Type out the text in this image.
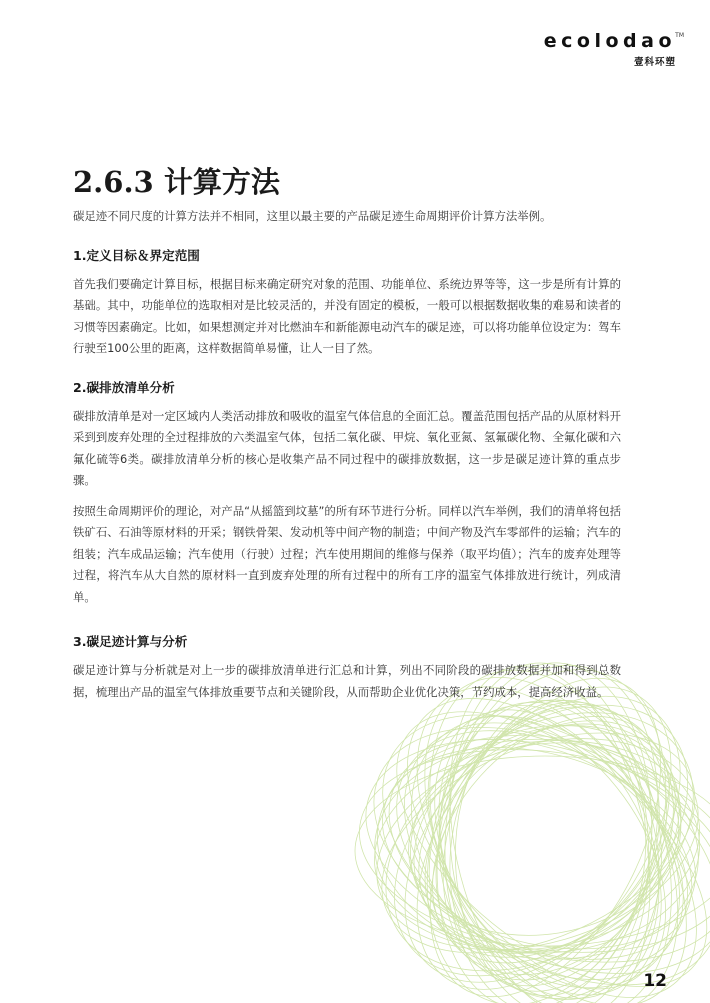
ecolodao TM
壹科环塑
2.6.3 计算方法

碳足迹不同尺度的计算方法并不相同，这里以最主要的产品碳足迹生命周期评价计算方法举例。

1.定义目标＆界定范围

首先我们要确定计算目标，根据目标来确定研究对象的范围、功能单位、系统边界等等，这一步是所有计算的基础。其中，功能单位的选取相对是比较灵活的，并没有固定的模板，一般可以根据数据收集的难易和读者的习惯等因素确定。比如，如果想测定并对比燃油车和新能源电动汽车的碳足迹，可以将功能单位设定为：驾车行驶至100公里的距离，这样数据简单易懂，让人一目了然。

2.碳排放清单分析

碳排放清单是对一定区域内人类活动排放和吸收的温室气体信息的全面汇总。覆盖范围包括产品的从原材料开采到到废弃处理的全过程排放的六类温室气体，包括二氧化碳、甲烷、氧化亚氮、氢氟碳化物、全氟化碳和六氟化硫等6类。碳排放清单分析的核心是收集产品不同过程中的碳排放数据，这一步是碳足迹计算的重点步骤。

按照生命周期评价的理论，对产品“从摇篮到坟墓”的所有环节进行分析。同样以汽车举例，我们的清单将包括铁矿石、石油等原材料的开采；钢铁骨架、发动机等中间产物的制造；中间产物及汽车零部件的运输；汽车的组装；汽车成品运输；汽车使用（行驶）过程；汽车使用期间的维修与保养（取平均值）；汽车的废弃处理等过程，将汽车从大自然的原材料一直到废弃处理的所有过程中的所有工序的温室气体排放进行统计，列成清单。

3.碳足迹计算与分析

碳足迹计算与分析就是对上一步的碳排放清单进行汇总和计算，列出不同阶段的碳排放数据并加和得到总数据，梳理出产品的温室气体排放重要节点和关键阶段，从而帮助企业优化决策，节约成本，提高经济收益。

12
